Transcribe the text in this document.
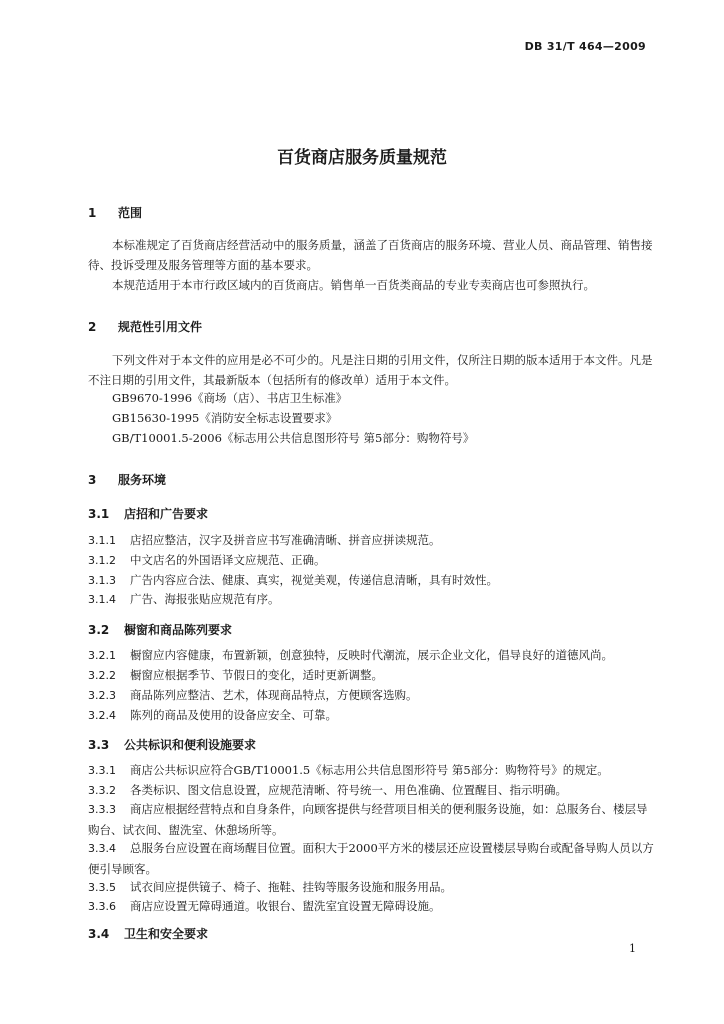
DB 31/T 464—2009
百货商店服务质量规范
1 范围
本标准规定了百货商店经营活动中的服务质量，涵盖了百货商店的服务环境、营业人员、商品管理、销售接待、投诉受理及服务管理等方面的基本要求。
本规范适用于本市行政区域内的百货商店。销售单一百货类商品的专业专卖商店也可参照执行。
2 规范性引用文件
下列文件对于本文件的应用是必不可少的。凡是注日期的引用文件，仅所注日期的版本适用于本文件。凡是不注日期的引用文件，其最新版本（包括所有的修改单）适用于本文件。
GB9670-1996《商场（店）、书店卫生标准》
GB15630-1995《消防安全标志设置要求》
GB/T10001.5-2006《标志用公共信息图形符号 第5部分：购物符号》
3 服务环境
3.1 店招和广告要求
3.1.1 店招应整洁，汉字及拼音应书写准确清晰、拼音应拼读规范。
3.1.2 中文店名的外国语译文应规范、正确。
3.1.3 广告内容应合法、健康、真实，视觉美观，传递信息清晰，具有时效性。
3.1.4 广告、海报张贴应规范有序。
3.2 橱窗和商品陈列要求
3.2.1 橱窗应内容健康，布置新颖，创意独特，反映时代潮流，展示企业文化，倡导良好的道德风尚。
3.2.2 橱窗应根据季节、节假日的变化，适时更新调整。
3.2.3 商品陈列应整洁、艺术，体现商品特点，方便顾客选购。
3.2.4 陈列的商品及使用的设备应安全、可靠。
3.3 公共标识和便利设施要求
3.3.1 商店公共标识应符合GB/T10001.5《标志用公共信息图形符号 第5部分：购物符号》的规定。
3.3.2 各类标识、图文信息设置，应规范清晰、符号统一、用色准确、位置醒目、指示明确。
3.3.3 商店应根据经营特点和自身条件，向顾客提供与经营项目相关的便利服务设施，如：总服务台、楼层导购台、试衣间、盥洗室、休憩场所等。
3.3.4 总服务台应设置在商场醒目位置。面积大于2000平方米的楼层还应设置楼层导购台或配备导购人员以方便引导顾客。
3.3.5 试衣间应提供镜子、椅子、拖鞋、挂钩等服务设施和服务用品。
3.3.6 商店应设置无障碍通道。收银台、盥洗室宜设置无障碍设施。
3.4 卫生和安全要求
1
